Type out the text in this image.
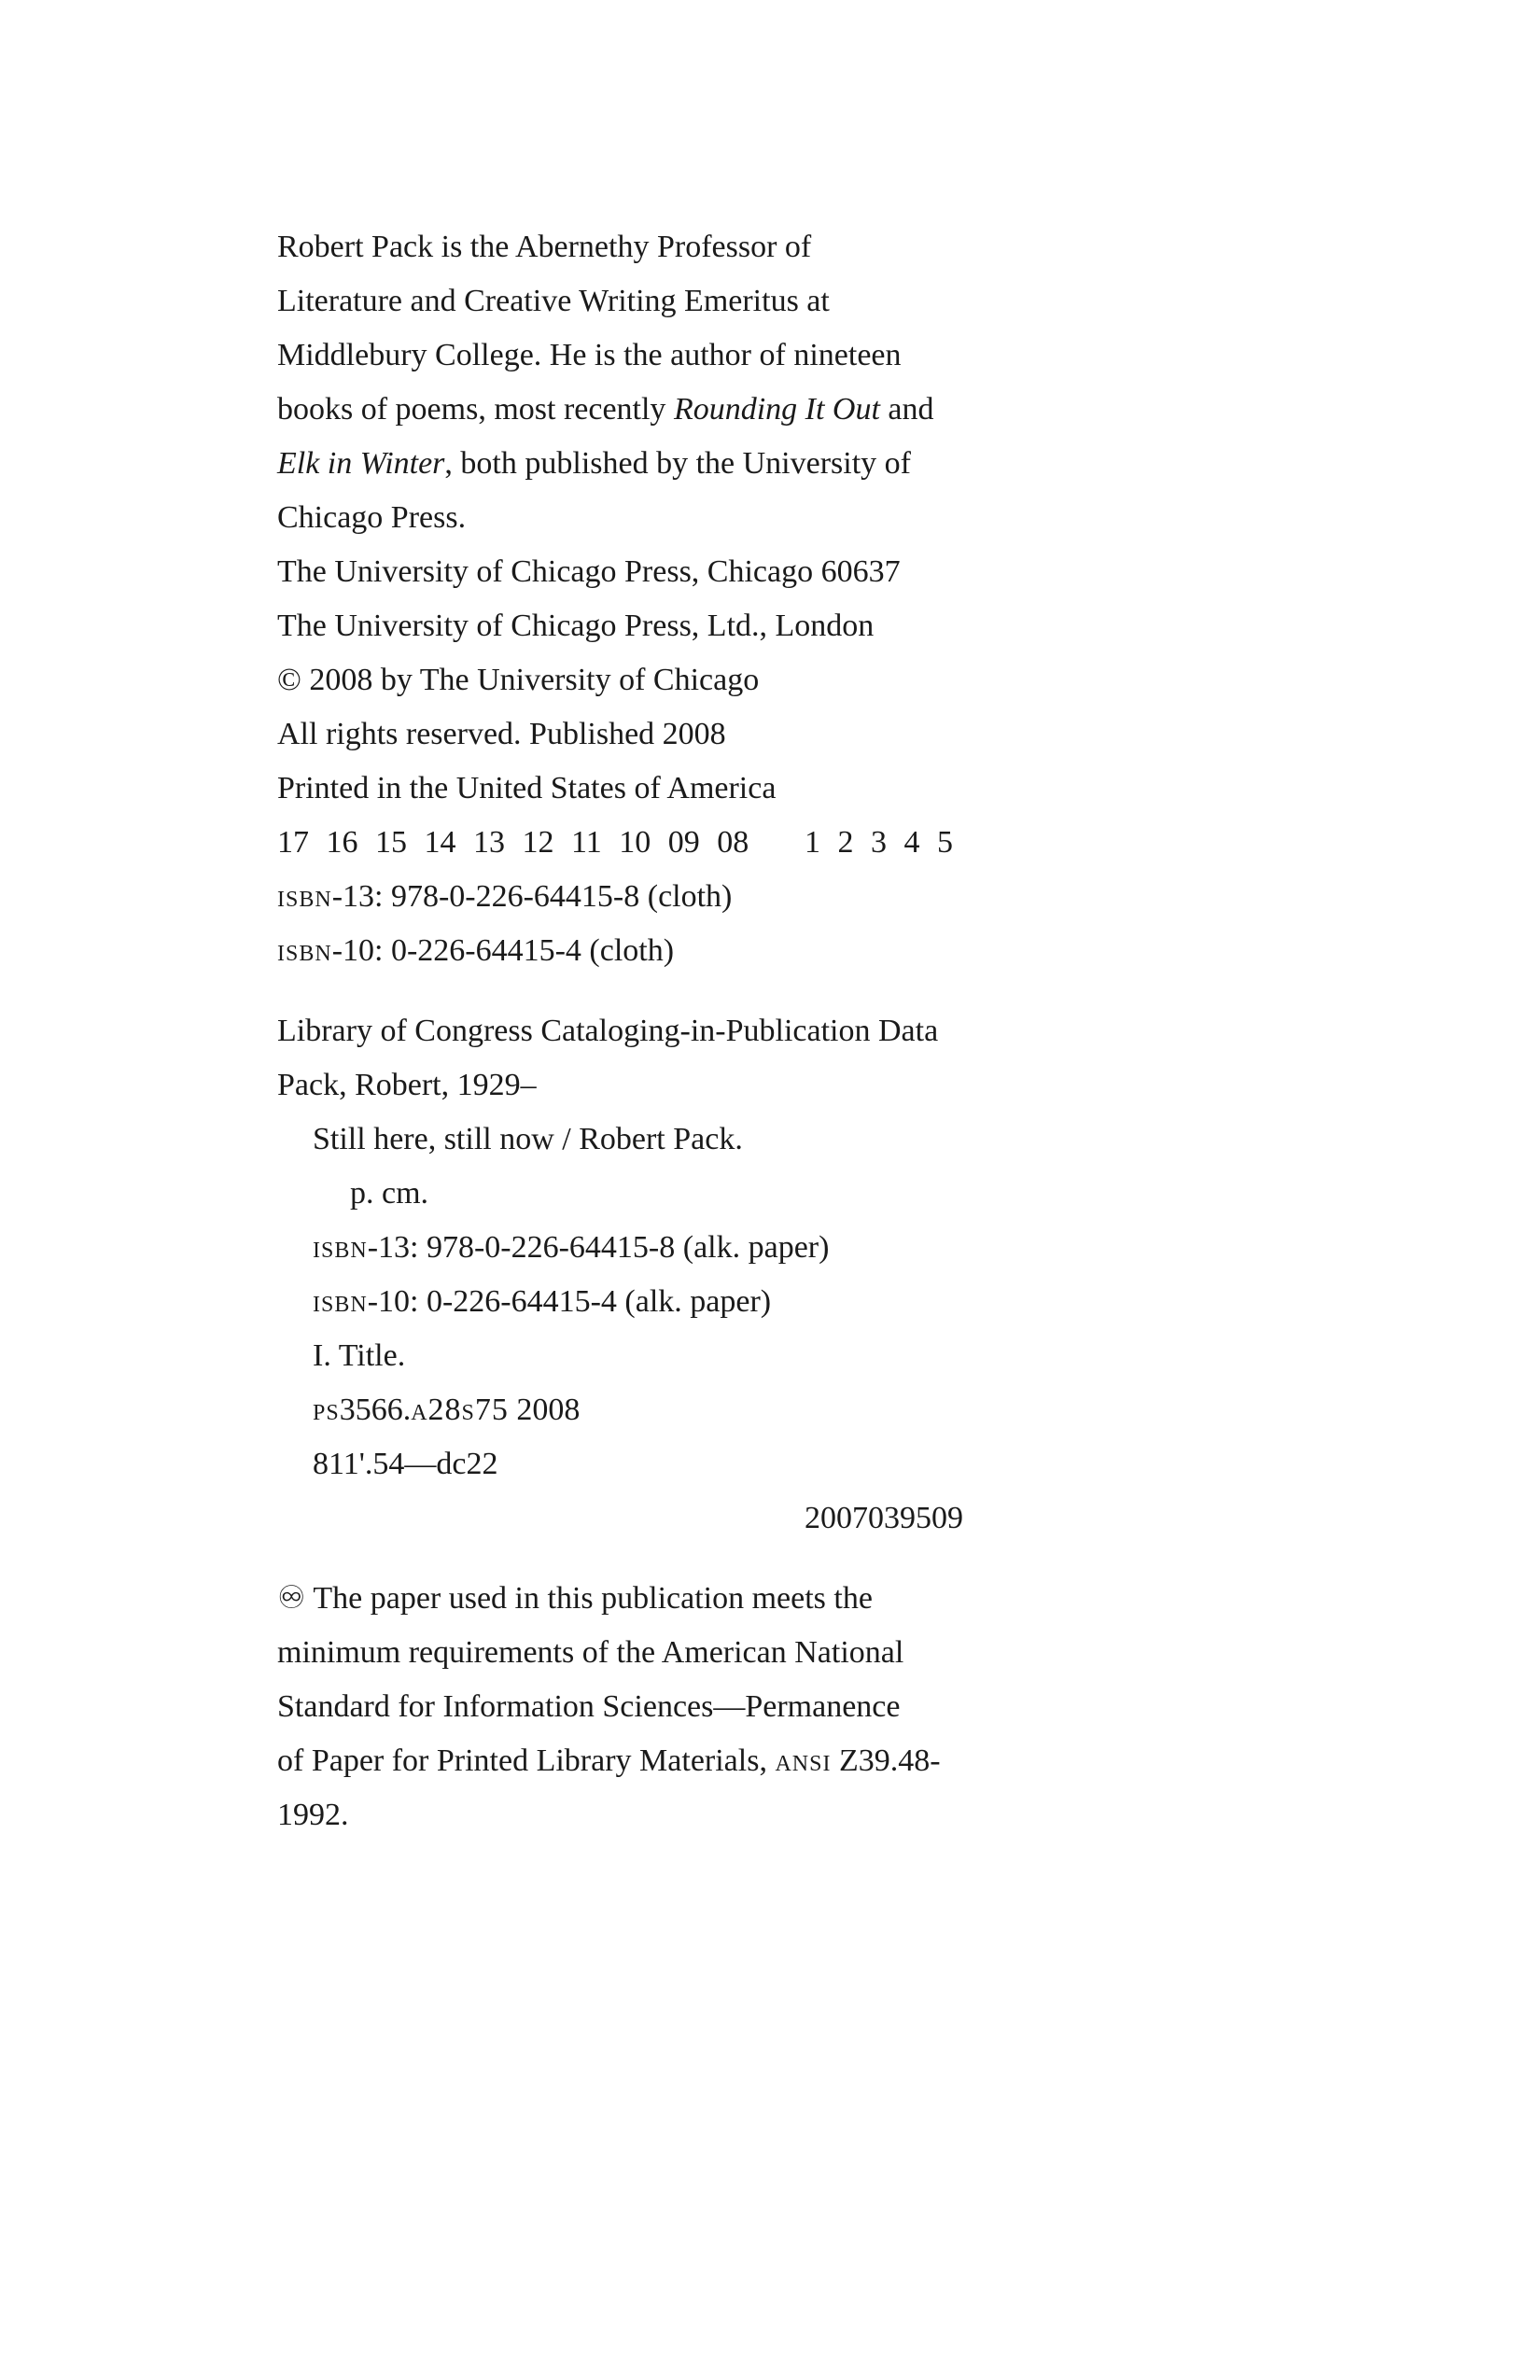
Robert Pack is the Abernethy Professor of
Literature and Creative Writing Emeritus at
Middlebury College. He is the author of nineteen
books of poems, most recently Rounding It Out and
Elk in Winter, both published by the University of
Chicago Press.
The University of Chicago Press, Chicago 60637
The University of Chicago Press, Ltd., London
© 2008 by The University of Chicago
All rights reserved. Published 2008
Printed in the United States of America
17 16 15 14 13 12 11 10 09 08 1 2 3 4 5
isbn-13: 978-0-226-64415-8 (cloth)
isbn-10: 0-226-64415-4 (cloth)
Library of Congress Cataloging-in-Publication Data
Pack, Robert, 1929–
Still here, still now / Robert Pack.
p. cm.
isbn-13: 978-0-226-64415-8 (alk. paper)
isbn-10: 0-226-64415-4 (alk. paper)
I. Title.
ps3566.a28s75 2008
811'.54—dc22
2007039509
♾ The paper used in this publication meets the
minimum requirements of the American National
Standard for Information Sciences—Permanence
of Paper for Printed Library Materials, ansi Z39.48-
1992.
